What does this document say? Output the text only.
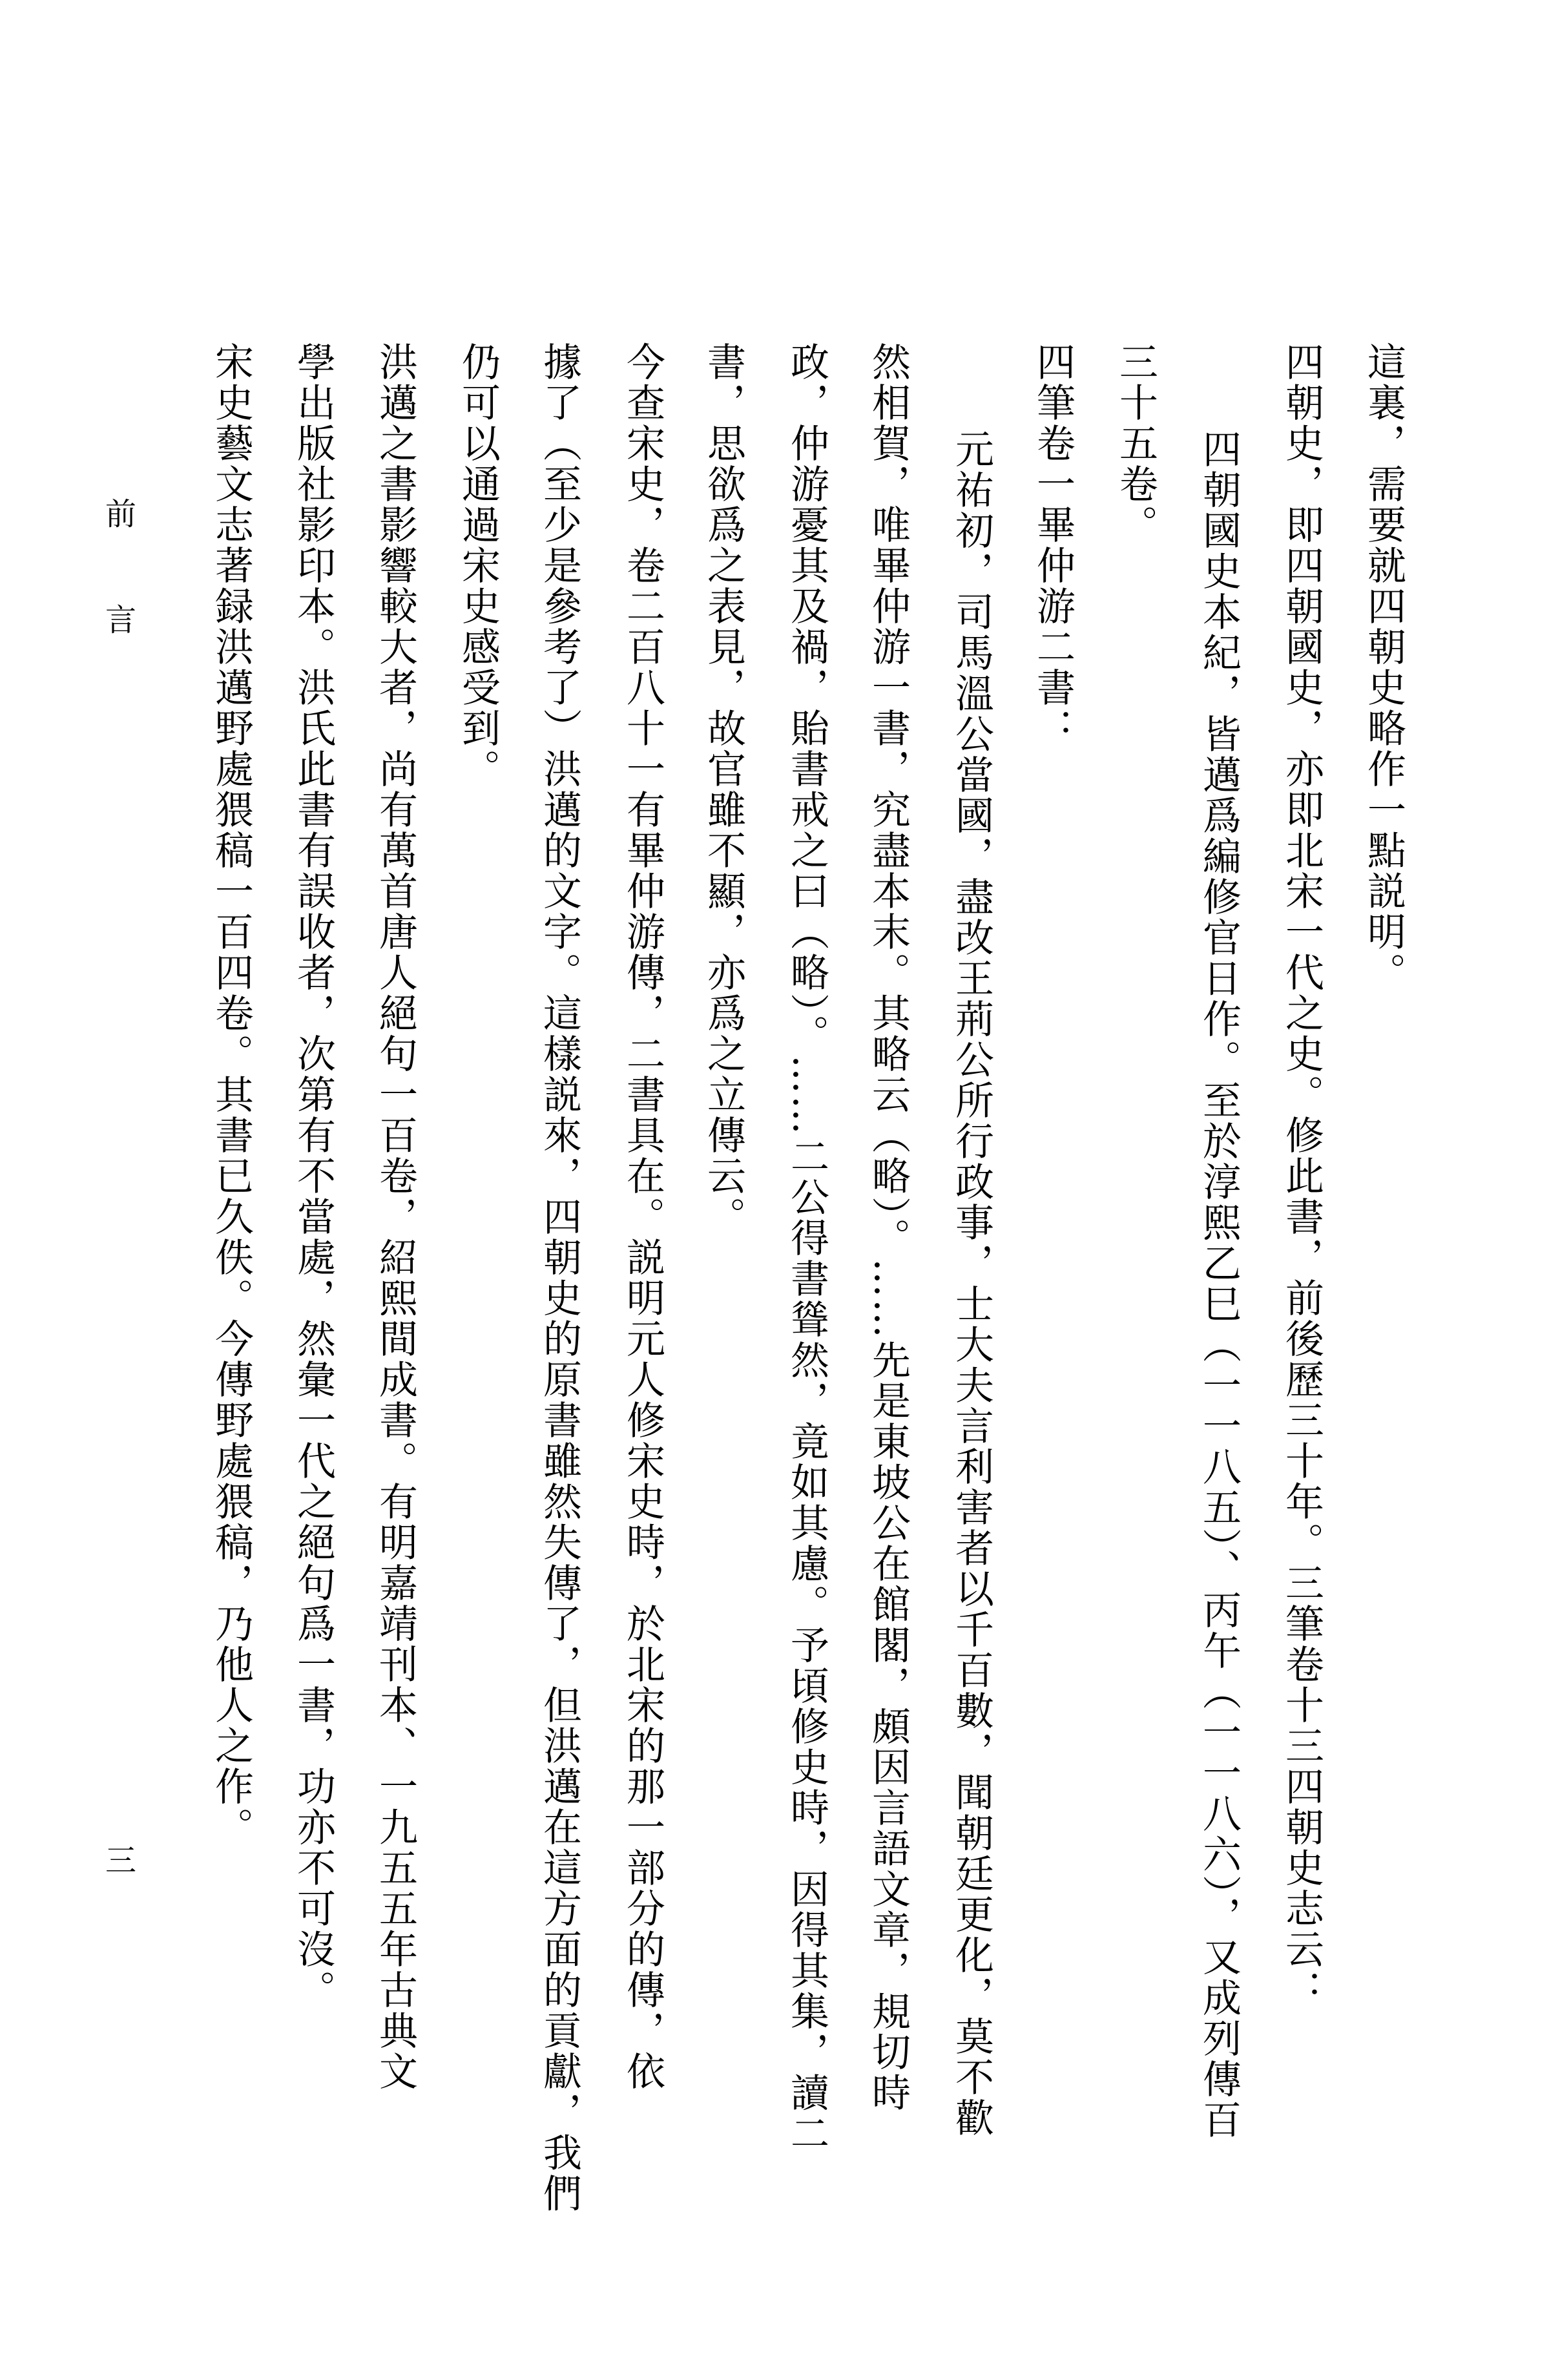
這裏，需要就四朝史略作一點説明。
四朝史，即四朝國史，亦即北宋一代之史。修此書，前後歷三十年。三筆卷十三四朝史志云：
四朝國史本紀，皆邁爲編修官日作。至於淳熙乙巳（一一八五）、丙午（一一八六），又成列傳百
三十五卷。
四筆卷一畢仲游二書：
元祐初，司馬溫公當國，盡改王荊公所行政事，士大夫言利害者以千百數，聞朝廷更化，莫不歡
然相賀，唯畢仲游一書，究盡本末。其略云（略）。……先是東坡公在館閣，頗因言語文章，規切時
政，仲游憂其及禍，貽書戒之曰（略）。……二公得書聳然，竟如其慮。予頃修史時，因得其集，讀二
書，思欲爲之表見，故官雖不顯，亦爲之立傳云。
今查宋史，卷二百八十一有畢仲游傳，二書具在。説明元人修宋史時，於北宋的那一部分的傳，依
據了（至少是參考了）洪邁的文字。這樣説來，四朝史的原書雖然失傳了，但洪邁在這方面的貢獻，我們
仍可以通過宋史感受到。
洪邁之書影響較大者，尚有萬首唐人絕句一百卷，紹熙間成書。有明嘉靖刊本、一九五五年古典文
學出版社影印本。洪氏此書有誤收者，次第有不當處，然彙一代之絕句爲一書，功亦不可沒。
宋史藝文志著録洪邁野處猥稿一百四卷。其書已久佚。今傳野處猥稿，乃他人之作。
前
言
三
